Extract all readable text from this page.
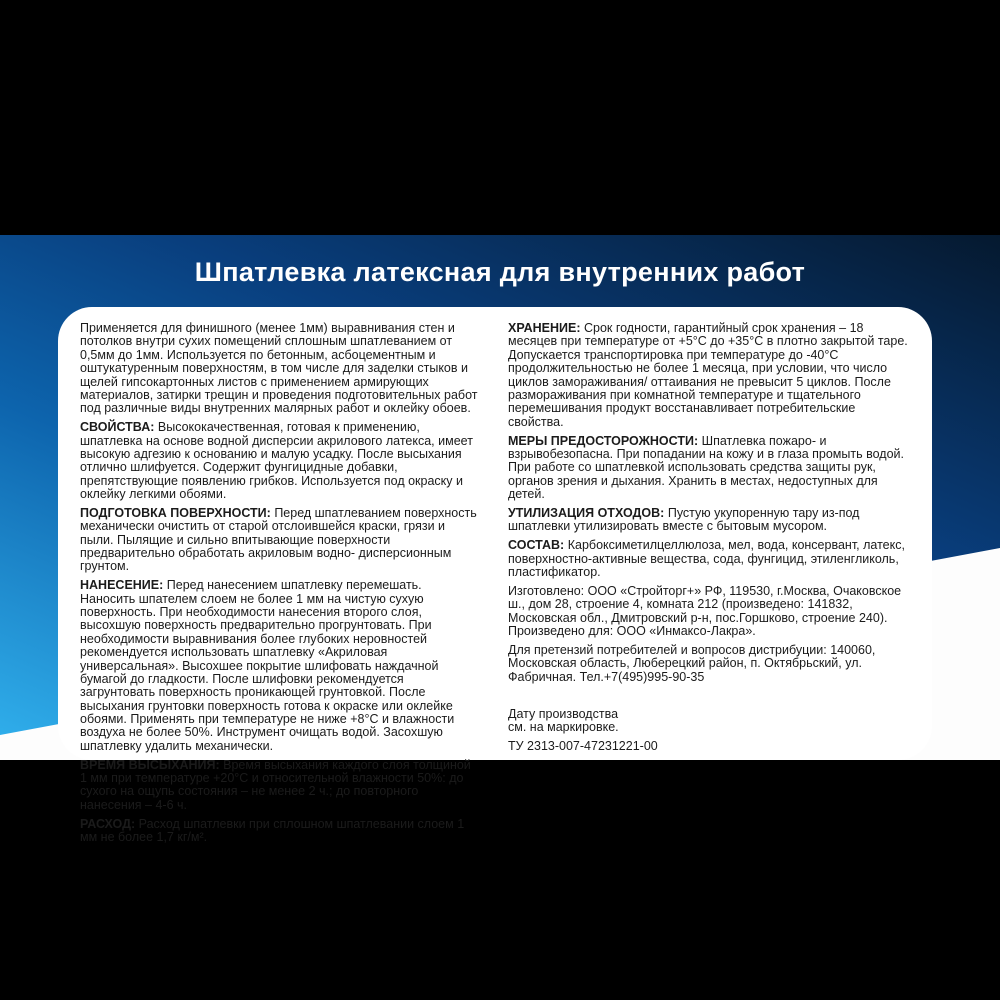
Шпатлевка латексная для внутренних работ

Применяется для финишного (менее 1мм) выравнивания стен и потолков внутри сухих помещений сплошным шпатлеванием от 0,5мм до 1мм. Используется по бетонным, асбоцементным и оштукатуренным поверхностям, в том числе для заделки стыков и щелей гипсокартонных листов с применением армирующих материалов, затирки трещин и проведения подготовительных работ под различные виды внутренних малярных работ и оклейку обоев.

СВОЙСТВА: Высококачественная, готовая к применению, шпатлевка на основе водной дисперсии акрилового латекса, имеет высокую адгезию к основанию и малую усадку. После высыхания отлично шлифуется. Содержит фунгицидные добавки, препятствующие появлению грибков. Используется под окраску и оклейку легкими обоями.

ПОДГОТОВКА ПОВЕРХНОСТИ: Перед шпатлеванием поверхность механически очистить от старой отслоившейся краски, грязи и пыли. Пылящие и сильно впитывающие поверхности предварительно обработать акриловым водно- дисперсионным грунтом.

НАНЕСЕНИЕ: Перед нанесением шпатлевку перемешать. Наносить шпателем слоем не более 1 мм на чистую сухую поверхность. При необходимости нанесения второго слоя, высохшую поверхность предварительно прогрунтовать. При необходимости выравнивания более глубоких неровностей рекомендуется использовать шпатлевку «Акриловая универсальная». Высохшее покрытие шлифовать наждачной бумагой до гладкости. После шлифовки рекомендуется загрунтовать поверхность проникающей грунтовкой. После высыхания грунтовки поверхность готова к окраске или оклейке обоями. Применять при температуре не ниже +8°С и влажности воздуха не более 50%. Инструмент очищать водой. Засохшую шпатлевку удалить механически.

ВРЕМЯ ВЫСЫХАНИЯ: Время высыхания каждого слоя толщиной 1 мм при температуре +20°С и относительной влажности 50%: до сухого на ощупь состояния – не менее 2 ч.; до повторного нанесения – 4-6 ч.

РАСХОД: Расход шпатлевки при сплошном шпатлевании слоем 1 мм не более 1,7 кг/м².

ХРАНЕНИЕ: Срок годности, гарантийный срок хранения – 18 месяцев при температуре от +5°С до +35°С в плотно закрытой таре. Допускается транспортировка при температуре до -40°С продолжительностью не более 1 месяца, при условии, что число циклов замораживания/ оттаивания не превысит 5 циклов. После размораживания при комнатной температуре и тщательного перемешивания продукт восстанавливает потребительские свойства.

МЕРЫ ПРЕДОСТОРОЖНОСТИ: Шпатлевка пожаро- и взрывобезопасна. При попадании на кожу и в глаза промыть водой. При работе со шпатлевкой использовать средства защиты рук, органов зрения и дыхания. Хранить в местах, недоступных для детей.

УТИЛИЗАЦИЯ ОТХОДОВ: Пустую укупоренную тару из-под шпатлевки утилизировать вместе с бытовым мусором.

СОСТАВ: Карбоксиметилцеллюлоза, мел, вода, консервант, латекс, поверхностно-активные вещества, сода, фунгицид, этиленгликоль, пластификатор.

Изготовлено: ООО «Стройторг+» РФ, 119530, г.Москва, Очаковское ш., дом 28, строение 4, комната 212 (произведено: 141832, Московская обл., Дмитровский р-н, пос.Горшково, строение 240). Произведено для: ООО «Инмаксо-Лакра».

Для претензий потребителей и вопросов дистрибуции: 140060, Московская область, Люберецкий район, п. Октябрьский, ул. Фабричная. Тел.+7(495)995-90-35

Дату производства
см. на маркировке.

ТУ 2313-007-47231221-00
